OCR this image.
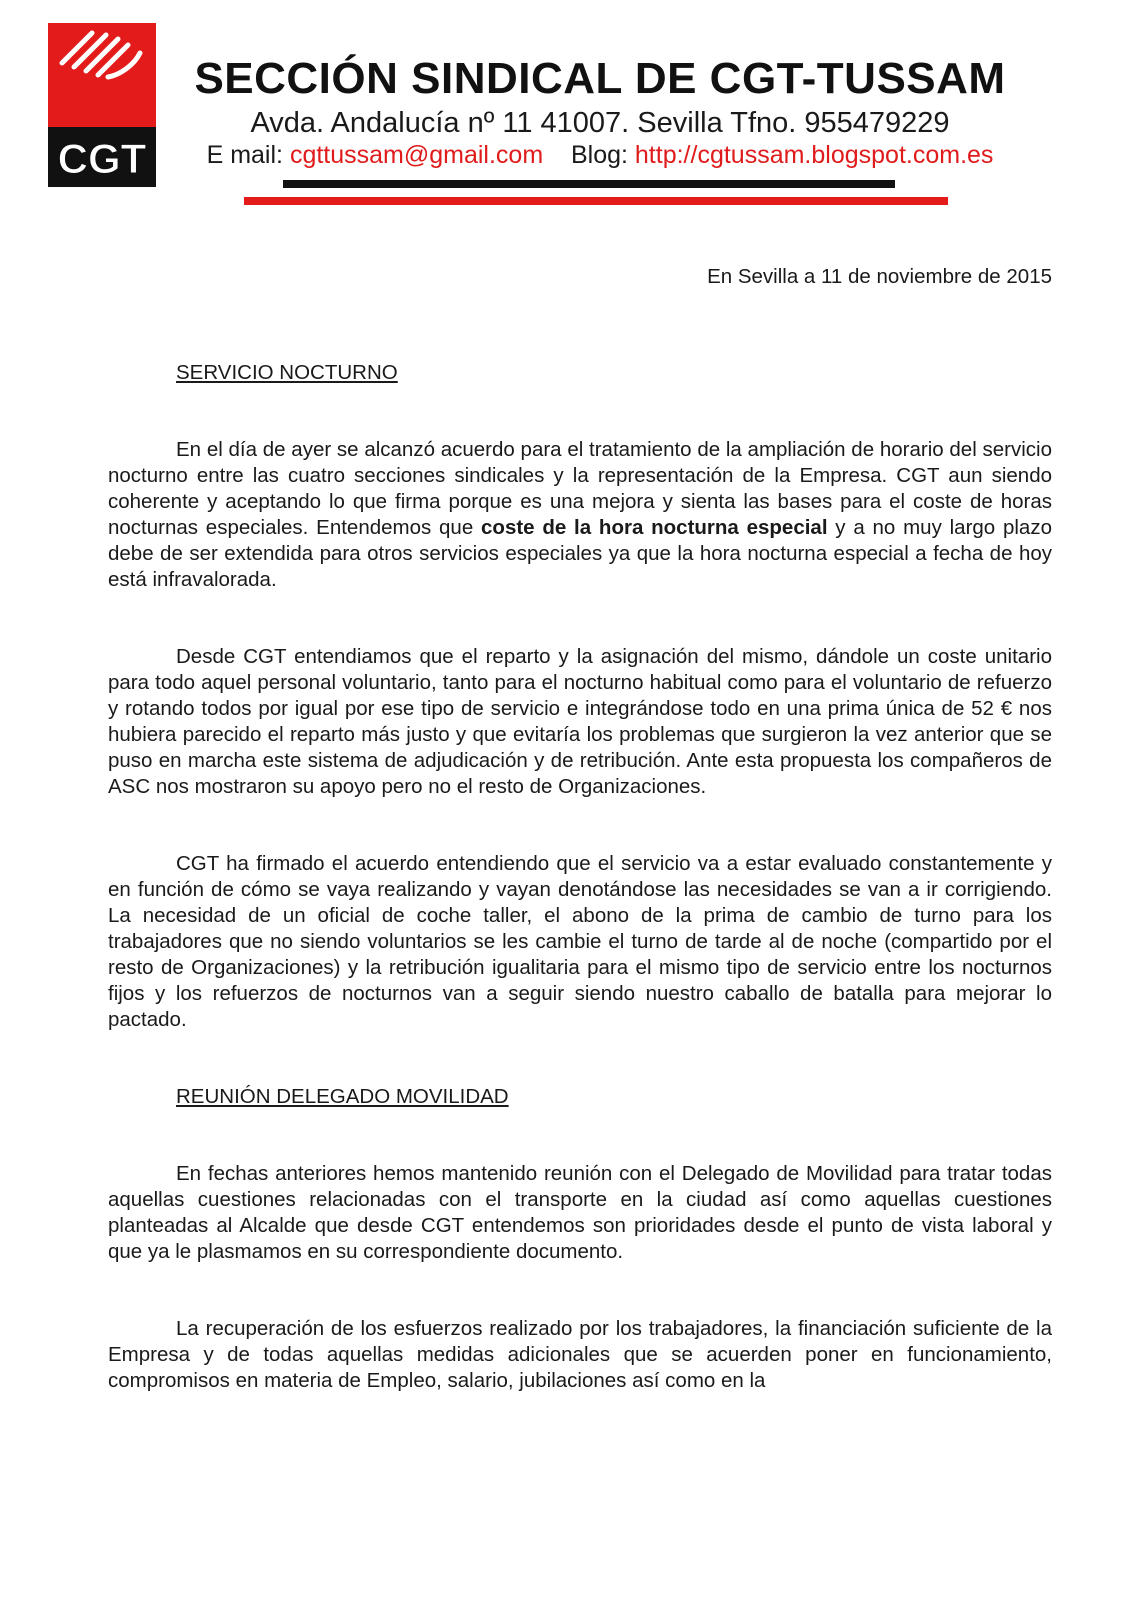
CGT
SECCIÓN SINDICAL DE CGT-TUSSAM
Avda. Andalucía nº 11 41007. Sevilla Tfno. 955479229
E mail: cgttussam@gmail.com Blog: http://cgtussam.blogspot.com.es
En Sevilla a 11 de noviembre de 2015
SERVICIO NOCTURNO

En el día de ayer se alcanzó acuerdo para el tratamiento de la ampliación de horario del servicio nocturno entre las cuatro secciones sindicales y la representación de la Empresa. CGT aun siendo coherente y aceptando lo que firma porque es una mejora y sienta las bases para el coste de horas nocturnas especiales. Entendemos que coste de la hora nocturna especial y a no muy largo plazo debe de ser extendida para otros servicios especiales ya que la hora nocturna especial a fecha de hoy está infravalorada.

Desde CGT entendiamos que el reparto y la asignación del mismo, dándole un coste unitario para todo aquel personal voluntario, tanto para el nocturno habitual como para el voluntario de refuerzo y rotando todos por igual por ese tipo de servicio e integrándose todo en una prima única de 52 € nos hubiera parecido el reparto más justo y que evitaría los problemas que surgieron la vez anterior que se puso en marcha este sistema de adjudicación y de retribución. Ante esta propuesta los compañeros de ASC nos mostraron su apoyo pero no el resto de Organizaciones.

CGT ha firmado el acuerdo entendiendo que el servicio va a estar evaluado constantemente y en función de cómo se vaya realizando y vayan denotándose las necesidades se van a ir corrigiendo. La necesidad de un oficial de coche taller, el abono de la prima de cambio de turno para los trabajadores que no siendo voluntarios se les cambie el turno de tarde al de noche (compartido por el resto de Organizaciones) y la retribución igualitaria para el mismo tipo de servicio entre los nocturnos fijos y los refuerzos de nocturnos van a seguir siendo nuestro caballo de batalla para mejorar lo pactado.

REUNIÓN DELEGADO MOVILIDAD

En fechas anteriores hemos mantenido reunión con el Delegado de Movilidad para tratar todas aquellas cuestiones relacionadas con el transporte en la ciudad así como aquellas cuestiones planteadas al Alcalde que desde CGT entendemos son prioridades desde el punto de vista laboral y que ya le plasmamos en su correspondiente documento.

La recuperación de los esfuerzos realizado por los trabajadores, la financiación suficiente de la Empresa y de todas aquellas medidas adicionales que se acuerden poner en funcionamiento, compromisos en materia de Empleo, salario, jubilaciones así como en la
